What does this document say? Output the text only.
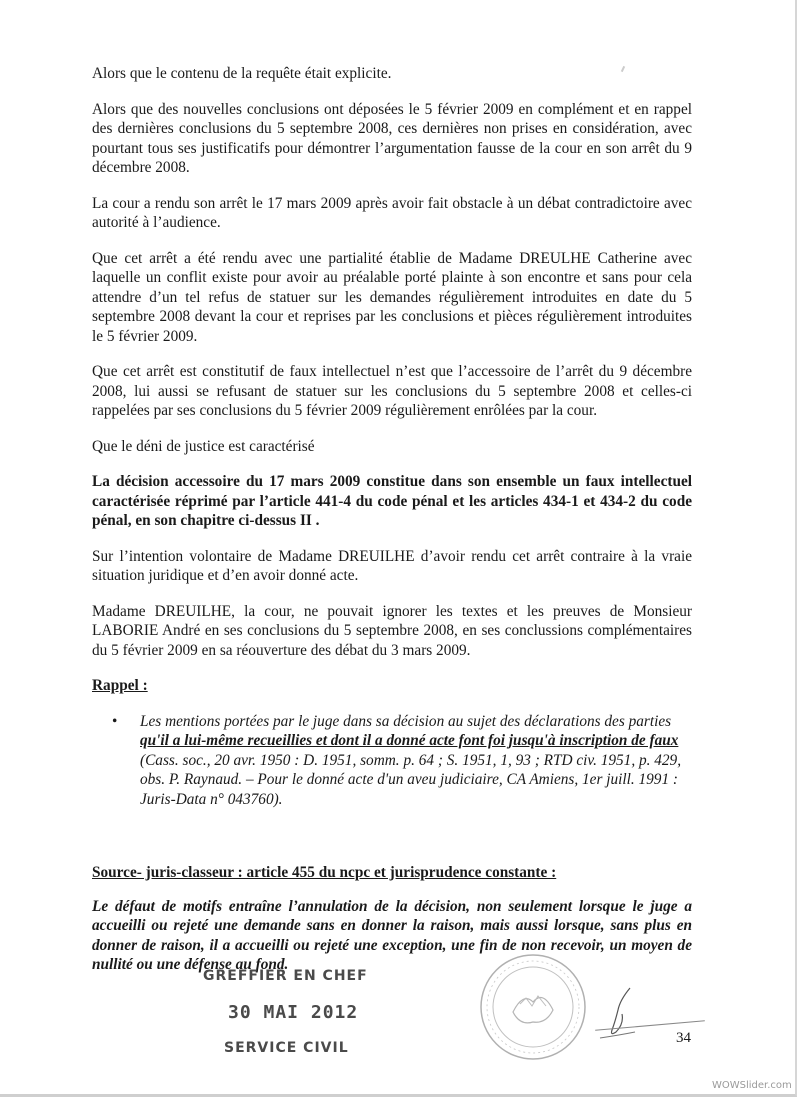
Alors que le contenu de la requête était explicite.

Alors que des nouvelles conclusions ont déposées le 5 février 2009 en complément et en rappel des dernières conclusions du 5 septembre 2008, ces dernières non prises en considération, avec pourtant tous ses justificatifs pour démontrer l’argumentation fausse de la cour en son arrêt du 9 décembre 2008.

La cour a rendu son arrêt le 17 mars 2009 après avoir fait obstacle à un débat contradictoire avec autorité à l’audience.

Que cet arrêt a été rendu avec une partialité établie de Madame DREULHE Catherine avec laquelle un conflit existe pour avoir au préalable porté plainte à son encontre et sans pour cela attendre d’un tel refus de statuer sur les demandes régulièrement introduites en date du 5 septembre 2008 devant la cour et reprises par les conclusions et pièces régulièrement introduites le 5 février 2009.

Que cet arrêt est constitutif de faux intellectuel n’est que l’accessoire de l’arrêt du 9 décembre 2008, lui aussi se refusant de statuer sur les conclusions du 5 septembre 2008 et celles-ci rappelées par ses conclusions du 5 février 2009 régulièrement enrôlées par la cour.

Que le déni de justice est caractérisé

La décision accessoire du 17 mars 2009 constitue dans son ensemble un faux intellectuel caractérisée réprimé par l’article 441-4 du code pénal et les articles 434-1 et 434-2 du code pénal, en son chapitre ci-dessus II .

Sur l’intention volontaire de Madame DREUILHE d’avoir rendu cet arrêt contraire à la vraie situation juridique et d’en avoir donné acte.

Madame DREUILHE, la cour, ne pouvait ignorer les textes et les preuves de Monsieur LABORIE André en ses conclusions du 5 septembre 2008, en ses conclussions complémentaires du 5 février 2009 en sa réouverture des débat du 3 mars 2009.

Rappel :
•	Les mentions portées par le juge dans sa décision au sujet des déclarations des parties qu'il a lui-même recueillies et dont il a donné acte font foi jusqu'à inscription de faux (Cass. soc., 20 avr. 1950 : D. 1951, somm. p. 64 ; S. 1951, 1, 93 ; RTD civ. 1951, p. 429, obs. P. Raynaud. – Pour le donné acte d'un aveu judiciaire, CA Amiens, 1er juill. 1991 : Juris-Data n° 043760).
Source- juris-classeur : article 455 du ncpc et jurisprudence constante :
Le défaut de motifs entraîne l’annulation de la décision, non seulement lorsque le juge a accueilli ou rejeté une demande sans en donner la raison, mais aussi lorsque, sans plus en donner de raison, il a accueilli ou rejeté une exception, une fin de non recevoir, un moyen de nullité ou une défense au fond.
GREFFIER EN CHEF
30 MAI 2012
SERVICE CIVIL
34
WOWSlider.com
